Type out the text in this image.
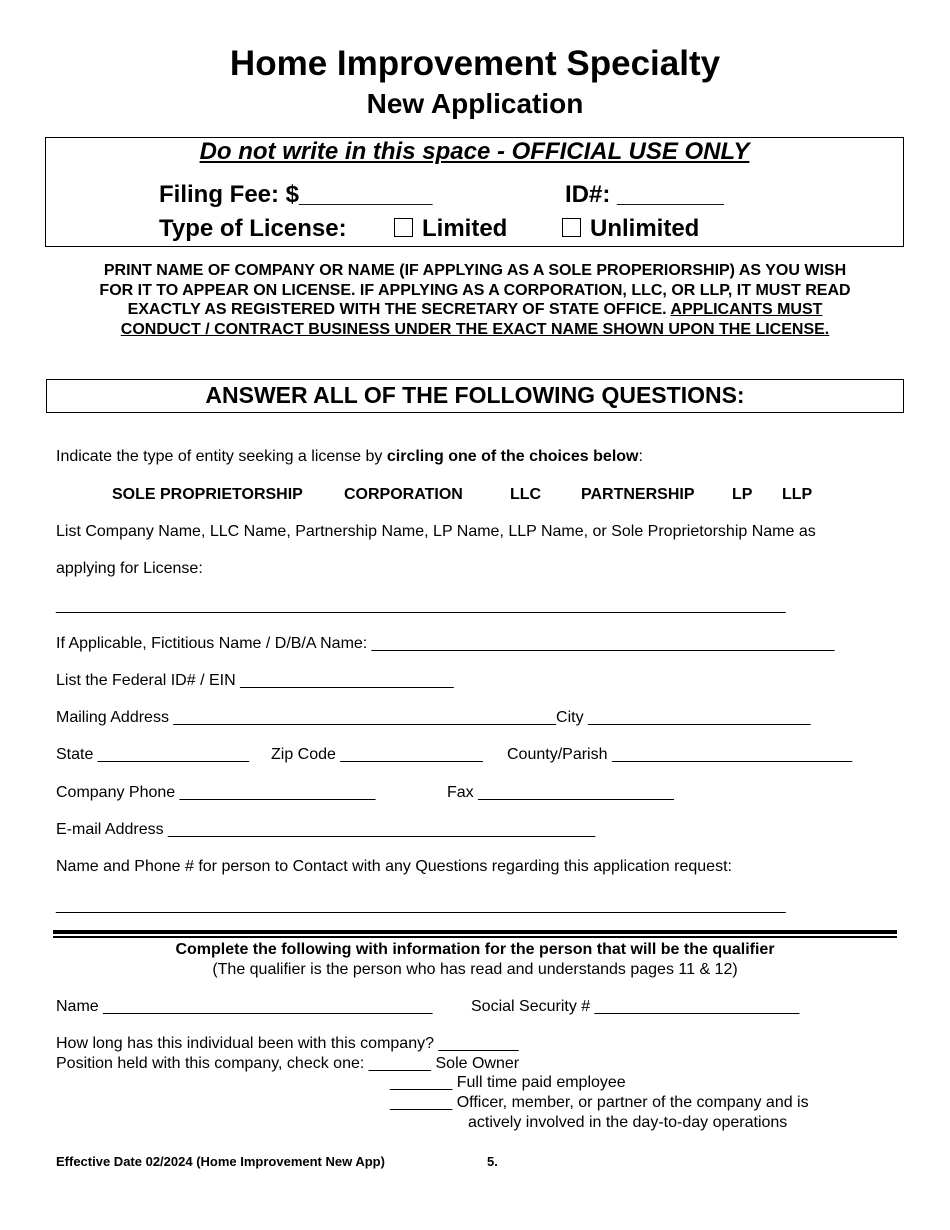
Home Improvement Specialty
New Application
Do not write in this space - OFFICIAL USE ONLY
Filing Fee: $__________	ID#: ________
Type of License:	Limited	Unlimited
PRINT NAME OF COMPANY OR NAME (IF APPLYING AS A SOLE PROPERIORSHIP) AS YOU WISH
FOR IT TO APPEAR ON LICENSE. IF APPLYING AS A CORPORATION, LLC, OR LLP, IT MUST READ
EXACTLY AS REGISTERED WITH THE SECRETARY OF STATE OFFICE. APPLICANTS MUST
CONDUCT / CONTRACT BUSINESS UNDER THE EXACT NAME SHOWN UPON THE LICENSE.
ANSWER ALL OF THE FOLLOWING QUESTIONS:
Indicate the type of entity seeking a license by circling one of the choices below:
SOLE PROPRIETORSHIP	CORPORATION	LLC PARTNERSHIP LP LLP
List Company Name, LLC Name, Partnership Name, LP Name, LLP Name, or Sole Proprietorship Name as
applying for License:
__________________________________________________________________________________
If Applicable, Fictitious Name / D/B/A Name: ____________________________________________________
List the Federal ID# / EIN ________________________
Mailing Address ___________________________________________City _________________________
State _________________ Zip Code ________________ County/Parish ___________________________
Company Phone ______________________	Fax ______________________
E-mail Address ________________________________________________
Name and Phone # for person to Contact with any Questions regarding this application request:
__________________________________________________________________________________
Complete the following with information for the person that will be the qualifier
(The qualifier is the person who has read and understands pages 11 & 12)
Name _____________________________________ Social Security # _______________________
How long has this individual been with this company? _________
Position held with this company, check one: _______ Sole Owner
_______ Full time paid employee
_______ Officer, member, or partner of the company and is
actively involved in the day-to-day operations
Effective Date 02/2024 (Home Improvement New App)	5.
